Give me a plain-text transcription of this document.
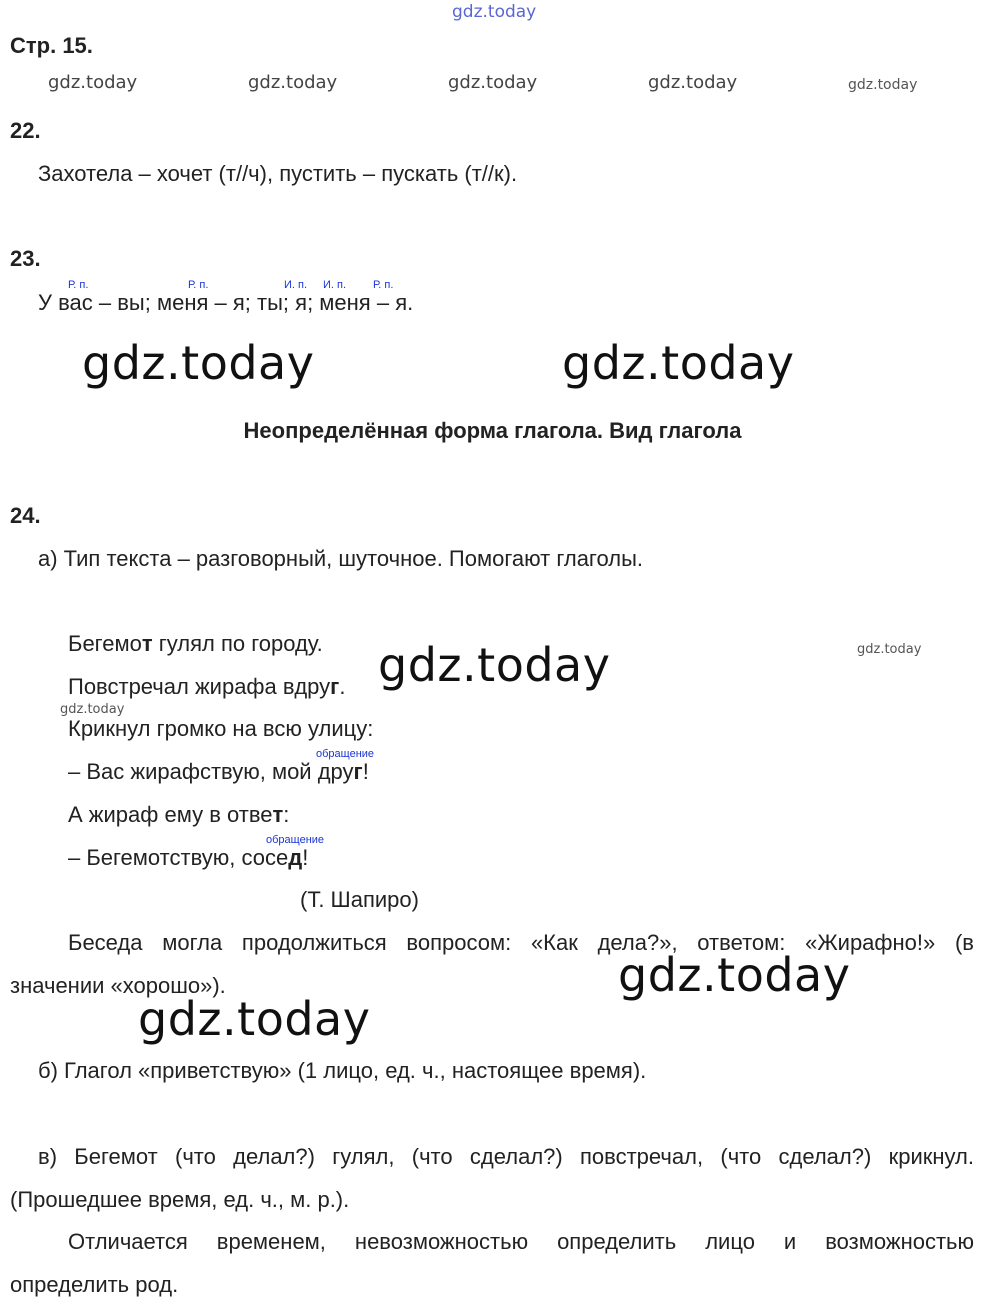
gdz.today
gdz.today	gdz.today	gdz.today	gdz.today	gdz.today
gdz.today	gdz.today
gdz.today
gdz.today
gdz.today
gdz.today
gdz.today
Стр. 15.
22.
Захотела – хочет (т//ч), пустить – пускать (т//к).
23.
У вас – вы; меня – я; ты; я; меня – я.
Р. п.	Р. п.	И. п. И. п. Р. п.
Неопределённая форма глагола. Вид глагола
24.
а) Тип текста – разговорный, шуточное. Помогают глаголы.
Бегемот гулял по городу.
Повстречал жирафа вдруг.
Крикнул громко на всю улицу:
обращение
– Вас жирафствую, мой друг!
А жираф ему в ответ:
обращение
– Бегемотствую, сосед!
(Т. Шапиро)
Беседа могла продолжиться вопросом: «Как дела?», ответом: «Жирафно!» (в
значении «хорошо»).
б) Глагол «приветствую» (1 лицо, ед. ч., настоящее время).
в) Бегемот (что делал?) гулял, (что сделал?) повстречал, (что сделал?) крикнул.
(Прошедшее время, ед. ч., м. р.).
Отличается временем, невозможностью определить лицо и возможностью
определить род.
